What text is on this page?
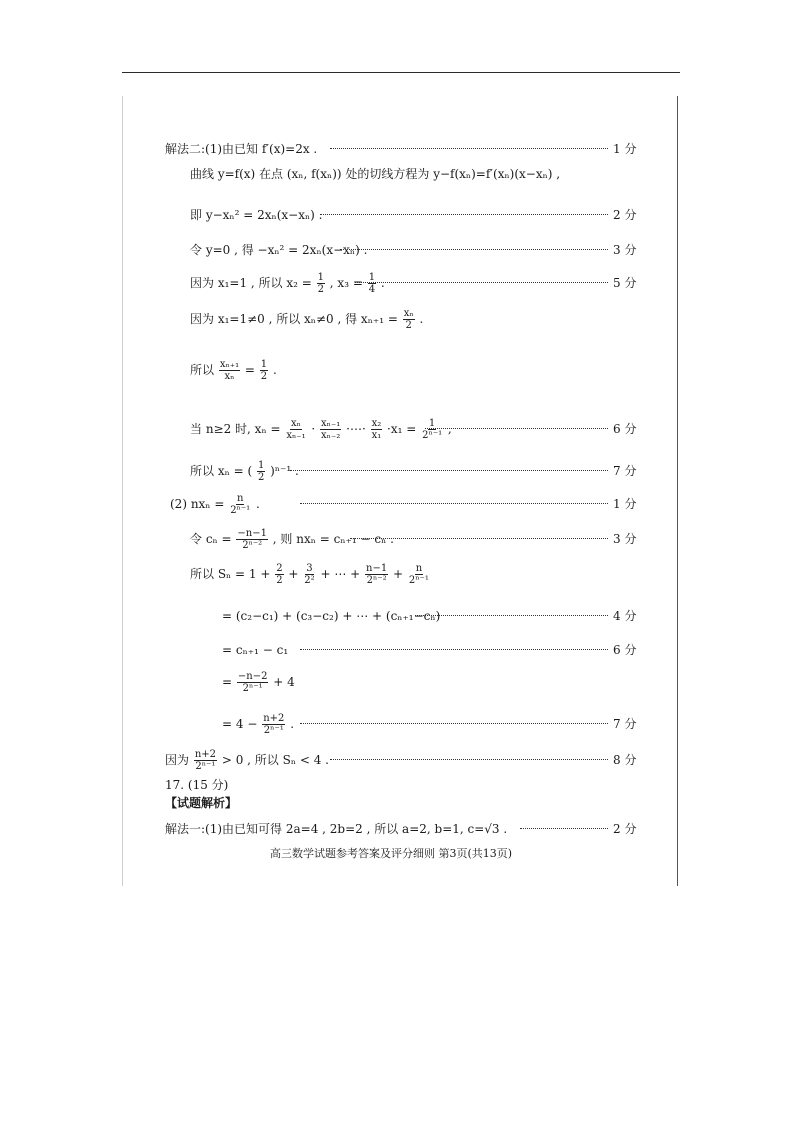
解法二:(1)由已知 f′(x)=2x .	1 分
曲线 y=f(x) 在点 (xₙ, f(xₙ)) 处的切线方程为 y−f(xₙ)=f′(xₙ)(x−xₙ) ,
即 y−xₙ² = 2xₙ(x−xₙ) .	2 分
令 y=0 , 得 −xₙ² = 2xₙ(x−xₙ) .	3 分
因为 x₁=1 , 所以 $x_2 = \frac{1}{2}$ , $x_3 = \frac{1}{4}$ .	5 分
因为 x₁=1≠0 , 所以 xₙ≠0 , 得 $x_{n+1} = \frac{\text{xₙ}}{2}$ .
所以 $\frac{\text{xₙ₊₁}}{\text{xₙ}} = \frac{1}{2}$ .
当 n≥2 时, $x_n = \frac{\text{xₙ}}{\text{xₙ₋₁}} \cdot \frac{\text{xₙ₋₁}}{\text{xₙ₋₂}}$ ·⋯· $\frac{\text{x₂}}{\text{x₁}} \cdot x_1 = \frac{1}{\text{2ⁿ⁻¹}}$ ,	6 分
所以 xₙ = ( $\frac{1}{2} )^{n-1}$ .	7 分
(2) $nx_n = \frac{n}{\text{2ⁿ⁻¹}}$ .	1 分
令 $c_n = \frac{-n-1}{\text{2ⁿ⁻²}}$ , 则 nxₙ = cₙ₊₁ − cₙ .	3 分
所以 $S_n = 1 + \frac{2}{2} + \frac{3}{\text{2²}}$ + ⋯ + $\frac{n-1}{\text{2ⁿ⁻²}} + \frac{n}{\text{2ⁿ⁻¹}}$
= (c₂−c₁) + (c₃−c₂) + ⋯ + (cₙ₊₁−cₙ)	4 分
= cₙ₊₁ − c₁	6 分
= $\frac{-n-2}{\text{2ⁿ⁻¹}} + 4$
= $4 - \frac{n+2}{\text{2ⁿ⁻¹}}$ .	7 分
因为 $\frac{n+2}{\text{2ⁿ⁻¹}} > 0$ , 所以 Sₙ < 4 .	8 分
17. (15 分)
【试题解析】
解法一:(1)由已知可得 2a=4 , 2b=2 , 所以 a=2, b=1, c=√3 .	2 分
高三数学试题参考答案及评分细则 第3页(共13页)
